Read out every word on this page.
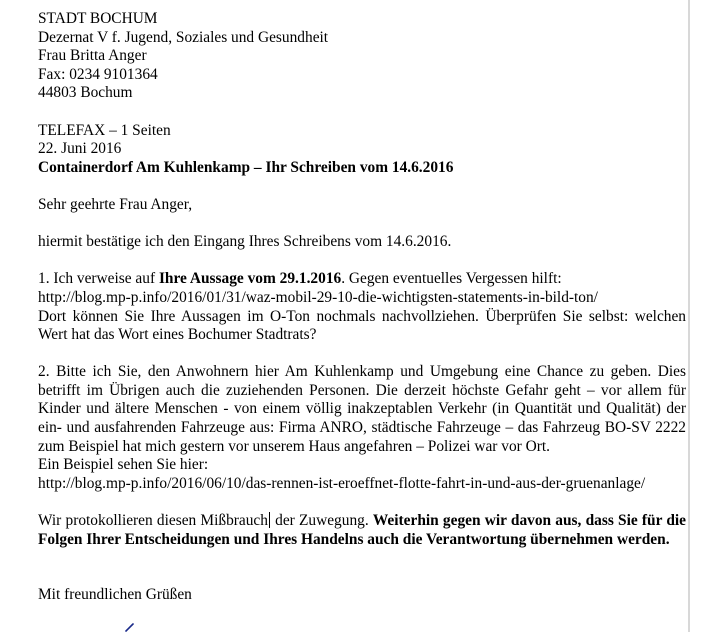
STADT BOCHUM
Dezernat V f. Jugend, Soziales und Gesundheit
Frau Britta Anger
Fax: 0234 9101364
44803 Bochum
TELEFAX – 1 Seiten
22. Juni 2016
Containerdorf Am Kuhlenkamp – Ihr Schreiben vom 14.6.2016
Sehr geehrte Frau Anger,
hiermit bestätige ich den Eingang Ihres Schreibens vom 14.6.2016.
1. Ich verweise auf Ihre Aussage vom 29.1.2016. Gegen eventuelles Vergessen hilft:
http://blog.mp-p.info/2016/01/31/waz-mobil-29-10-die-wichtigsten-statements-in-bild-ton/
Dort können Sie Ihre Aussagen im O-Ton nochmals nachvollziehen. Überprüfen Sie selbst: welchen Wert hat das Wort eines Bochumer Stadtrats?
2. Bitte ich Sie, den Anwohnern hier Am Kuhlenkamp und Umgebung eine Chance zu geben. Dies betrifft im Übrigen auch die zuziehenden Personen. Die derzeit höchste Gefahr geht – vor allem für Kinder und ältere Menschen - von einem völlig inakzeptablen Verkehr (in Quantität und Qualität) der ein- und ausfahrenden Fahrzeuge aus: Firma ANRO, städtische Fahrzeuge – das Fahrzeug BO-SV 2222 zum Beispiel hat mich gestern vor unserem Haus angefahren – Polizei war vor Ort.
Ein Beispiel sehen Sie hier:
http://blog.mp-p.info/2016/06/10/das-rennen-ist-eroeffnet-flotte-fahrt-in-und-aus-der-gruenanlage/
Wir protokollieren diesen Mißbrauch der Zuwegung. Weiterhin gegen wir davon aus, dass Sie für die Folgen Ihrer Entscheidungen und Ihres Handelns auch die Verantwortung übernehmen werden.
Mit freundlichen Grüßen
